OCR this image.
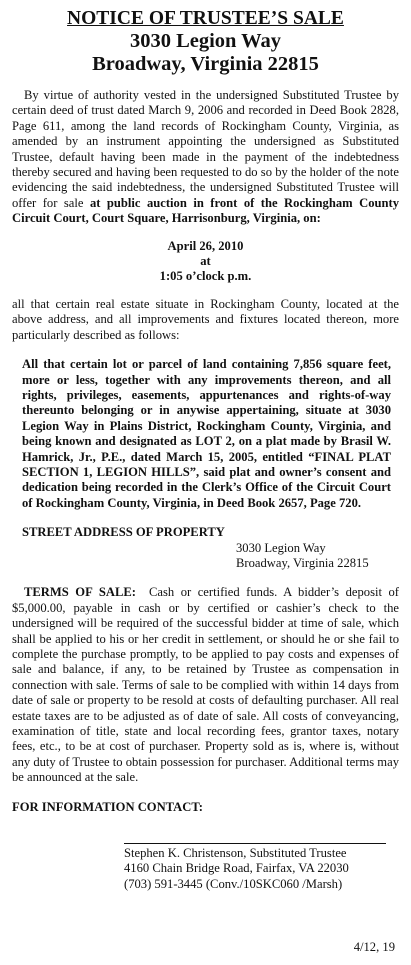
NOTICE OF TRUSTEE’S SALE
3030 Legion Way
Broadway, Virginia 22815

By virtue of authority vested in the undersigned Substituted Trustee by certain deed of trust dated March 9, 2006 and recorded in Deed Book 2828, Page 611, among the land records of Rockingham County, Virginia, as amended by an instrument appointing the undersigned as Substituted Trustee, default having been made in the payment of the indebtedness thereby secured and having been requested to do so by the holder of the note evidencing the said indebtedness, the undersigned Substituted Trustee will offer for sale at public auction in front of the Rockingham County Circuit Court, Court Square, Harrisonburg, Virginia, on:

April 26, 2010
at
1:05 o’clock p.m.

all that certain real estate situate in Rockingham County, located at the above address, and all improvements and fixtures located thereon, more particularly described as follows:

All that certain lot or parcel of land containing 7,856 square feet, more or less, together with any improvements thereon, and all rights, privileges, easements, appurtenances and rights-of-way thereunto belonging or in anywise appertaining, situate at 3030 Legion Way in Plains District, Rockingham County, Virginia, and being known and designated as LOT 2, on a plat made by Brasil W. Hamrick, Jr., P.E., dated March 15, 2005, entitled “FINAL PLAT SECTION 1, LEGION HILLS”, said plat and owner’s consent and dedication being recorded in the Clerk’s Office of the Circuit Court of Rockingham County, Virginia, in Deed Book 2657, Page 720.

STREET ADDRESS OF PROPERTY
3030 Legion Way
Broadway, Virginia 22815

TERMS OF SALE: Cash or certified funds. A bidder’s deposit of $5,000.00, payable in cash or by certified or cashier’s check to the undersigned will be required of the successful bidder at time of sale, which shall be applied to his or her credit in settlement, or should he or she fail to complete the purchase promptly, to be applied to pay costs and expenses of sale and balance, if any, to be retained by Trustee as compensation in connection with sale. Terms of sale to be complied with within 14 days from date of sale or property to be resold at costs of defaulting purchaser. All real estate taxes are to be adjusted as of date of sale. All costs of conveyancing, examination of title, state and local recording fees, grantor taxes, notary fees, etc., to be at cost of purchaser. Property sold as is, where is, without any duty of Trustee to obtain possession for purchaser. Additional terms may be announced at the sale.

FOR INFORMATION CONTACT:
Stephen K. Christenson, Substituted Trustee
4160 Chain Bridge Road, Fairfax, VA 22030
(703) 591-3445 (Conv./10SKC060 /Marsh)
4/12, 19
